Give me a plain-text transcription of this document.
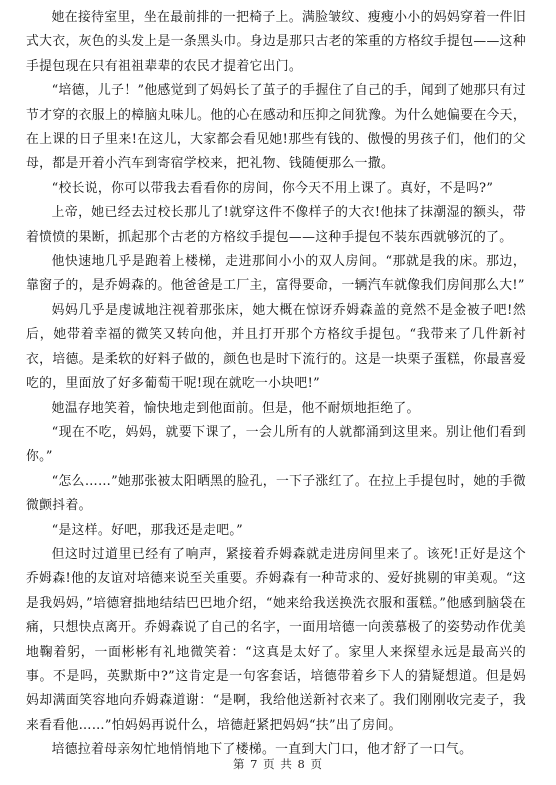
她在接待室里，坐在最前排的一把椅子上。满脸皱纹、瘦瘦小小的妈妈穿着一件旧式大衣，灰色的头发上是一条黑头巾。身边是那只古老的笨重的方格纹手提包——这种手提包现在只有祖祖辈辈的农民才提着它出门。

“培德，儿子！”他感觉到了妈妈长了茧子的手握住了自己的手，闻到了她那只有过节才穿的衣服上的樟脑丸味儿。他的心在感动和压抑之间犹豫。为什么她偏要在今天，在上课的日子里来!在这儿，大家都会看见她!那些有钱的、傲慢的男孩子们，他们的父母，都是开着小汽车到寄宿学校来，把礼物、钱随便那么一撒。

“校长说，你可以带我去看看你的房间，你今天不用上课了。真好，不是吗?”

上帝，她已经去过校长那儿了!就穿这件不像样子的大衣!他抹了抹潮湿的额头，带着愤愤的果断，抓起那个古老的方格纹手提包——这种手提包不装东西就够沉的了。

他快速地几乎是跑着上楼梯，走进那间小小的双人房间。“那就是我的床。那边，靠窗子的，是乔姆森的。他爸爸是工厂主，富得要命，一辆汽车就像我们房间那么大!”

妈妈几乎是虔诚地注视着那张床，她大概在惊讶乔姆森盖的竟然不是金被子吧!然后，她带着幸福的微笑又转向他，并且打开那个方格纹手提包。“我带来了几件新衬衣，培德。是柔软的好料子做的，颜色也是时下流行的。这是一块栗子蛋糕，你最喜爱吃的，里面放了好多葡萄干呢!现在就吃一小块吧!”

她温存地笑着，愉快地走到他面前。但是，他不耐烦地拒绝了。

“现在不吃，妈妈，就要下课了，一会儿所有的人就都涌到这里来。别让他们看到你。”

“怎么……”她那张被太阳晒黑的脸孔，一下子涨红了。在拉上手提包时，她的手微微颤抖着。

“是这样。好吧，那我还是走吧。”

但这时过道里已经有了响声，紧接着乔姆森就走进房间里来了。该死!正好是这个乔姆森!他的友谊对培德来说至关重要。乔姆森有一种苛求的、爱好挑剔的审美观。“这是我妈妈，”培德窘拙地结结巴巴地介绍，“她来给我送换洗衣服和蛋糕。”他感到脑袋在痛，只想快点离开。乔姆森说了自己的名字，一面用培德一向羡慕极了的姿势动作优美地鞠着躬，一面彬彬有礼地微笑着：“这真是太好了。家里人来探望永远是最高兴的事。不是吗，英默斯中?”这肯定是一句客套话，培德带着乡下人的猜疑想道。但是妈妈却满面笑容地向乔姆森道谢：“是啊，我给他送新衬衣来了。我们刚刚收完麦子，我来看看他……”怕妈妈再说什么，培德赶紧把妈妈“扶”出了房间。

培德拉着母亲匆忙地悄悄地下了楼梯。一直到大门口，他才舒了一口气。

第 7 页 共 8 页
